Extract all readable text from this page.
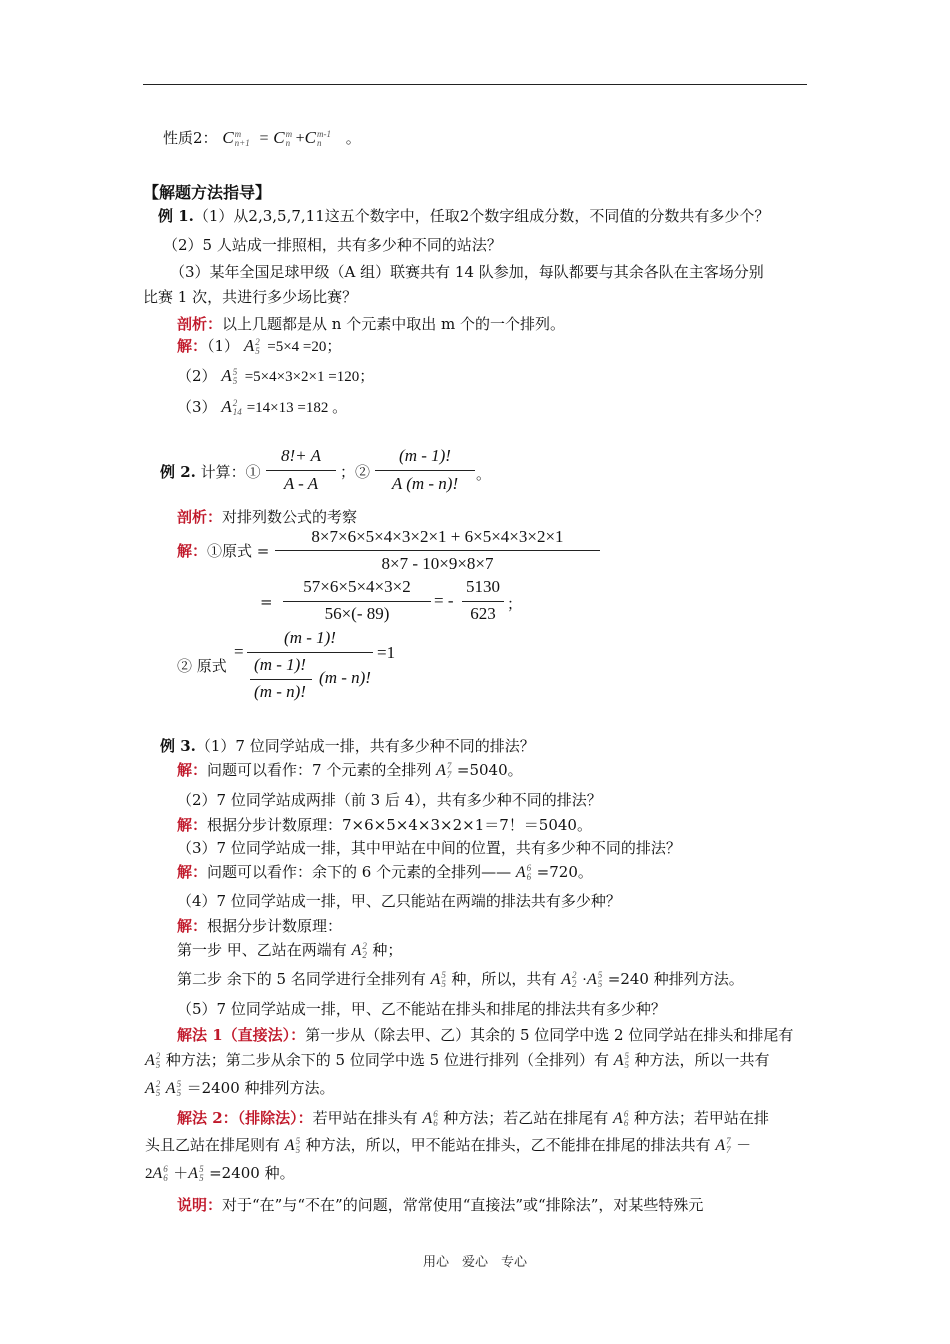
性质2： Cm
n+1 = Cm
n +Cm-1
n 。
【解题方法指导】
例 1.（1）从2,3,5,7,11这五个数字中，任取2个数字组成分数，不同值的分数共有多少个？
（2）5 人站成一排照相，共有多少种不同的站法？
（3）某年全国足球甲级（A 组）联赛共有 14 队参加，每队都要与其余各队在主客场分别
比赛 1 次，共进行多少场比赛？
剖析：以上几题都是从 n 个元素中取出 m 个的一个排列。
解：（1） A2
5 =5×4 =20；
（2） A5
5 =5×4×3×2×1 =120；
（3） A2
14 =14×13 =182 。
例 2. 计算：①
8!+ A
A - A
；②
(m - 1)!
A (m - n)!	。
剖析：对排列数公式的考察
解：①原式 =
8×7×6×5×4×3×2×1 + 6×5×4×3×2×1
8×7 - 10×9×8×7
=
57×6×5×4×3×2
56×(- 89)
= -
5130
623 ；
② 原式
=
(m - 1)!
(m - 1)!
(m - n)!
(m - n)!
=1
例 3.（1）7 位同学站成一排，共有多少种不同的排法？
解：问题可以看作：7 个元素的全排列 A7
7 =5040。
（2）7 位同学站成两排（前 3 后 4），共有多少种不同的排法？
解：根据分步计数原理：7×6×5×4×3×2×1＝7！＝5040。
（3）7 位同学站成一排，其中甲站在中间的位置，共有多少种不同的排法？
解：问题可以看作：余下的 6 个元素的全排列—— A6
6 =720。
（4）7 位同学站成一排，甲、乙只能站在两端的排法共有多少种？
解：根据分步计数原理：
第一步 甲、乙站在两端有 A2
2 种；
第二步 余下的 5 名同学进行全排列有 A5
5 种，所以，共有 A2
2 ·A5
5 =240 种排列方法。
（5）7 位同学站成一排，甲、乙不能站在排头和排尾的排法共有多少种？
解法 1（直接法）：第一步从（除去甲、乙）其余的 5 位同学中选 2 位同学站在排头和排尾有
A2
5 种方法；第二步从余下的 5 位同学中选 5 位进行排列（全排列）有 A5
5 种方法，所以一共有
A2
5 A5
5 ＝2400 种排列方法。
解法 2：（排除法）：若甲站在排头有 A6
6 种方法；若乙站在排尾有 A6
6 种方法；若甲站在排
头且乙站在排尾则有 A5
5 种方法，所以，甲不能站在排头，乙不能排在排尾的排法共有 A7
7 －
2A6
6 ＋A5
5 =2400 种。
说明：对于“在”与“不在”的问题，常常使用“直接法”或“排除法”，对某些特殊元
用心　爱心　专心
